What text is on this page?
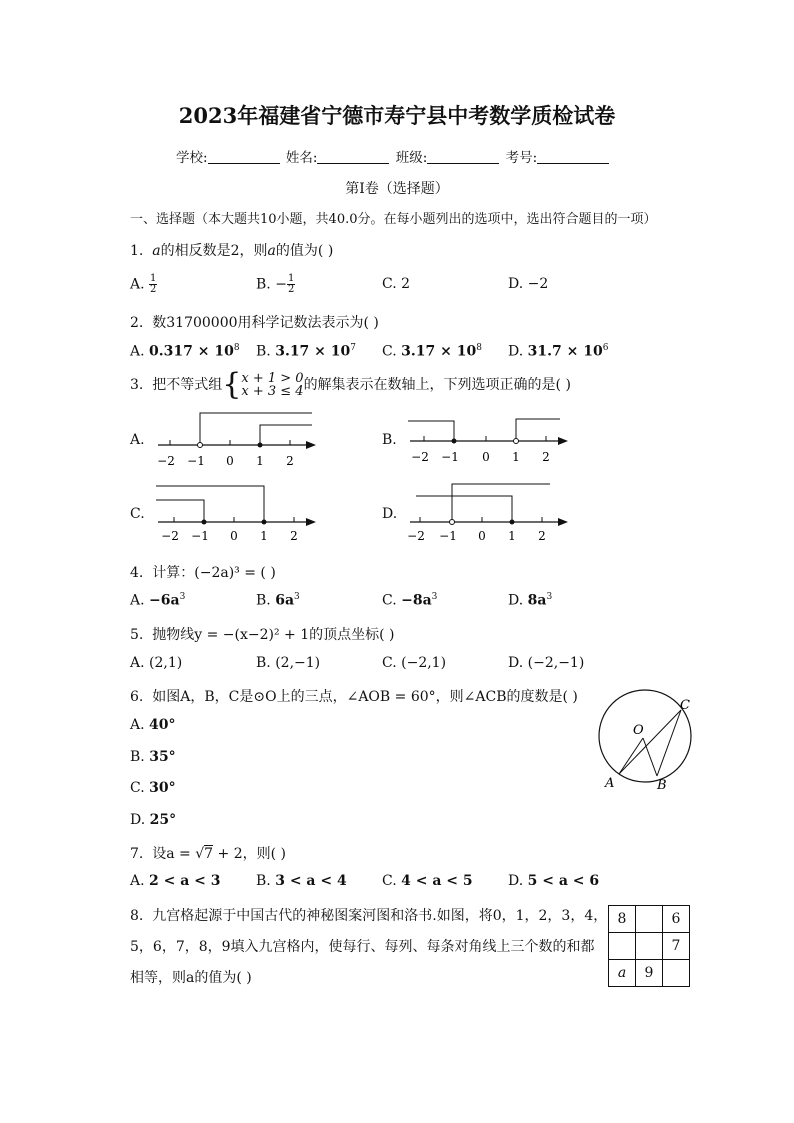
2023年福建省宁德市寿宁县中考数学质检试卷
学校:	姓名:	班级:	考号:
第I卷（选择题）
一、选择题（本大题共10小题，共40.0分。在每小题列出的选项中，选出符合题目的一项）
1. a的相反数是2，则a的值为( )
A. $\frac{1}{2}$	B. − $\frac{1}{2}$	C. 2	D. −2
2. 数31700000用科学记数法表示为( )
A. $0.317 \times 10^8$ B. $3.17 \times 10^7$ C. $3.17 \times 10^8$ D. $31.7 \times 10^6$
3. 把不等式组{x + 1 > 0
x + 3 ≤ 4的解集表示在数轴上，下列选项正确的是( )
A.	B.
C.	D.
−2 −1 0 1 2	−2 −1 0 1 2
−2 −1 0 1 2	−2 −1 0 1 2
4. 计算：(−2a)³ = ( )
A. $-6a^3$	B. $6a^3$	C. $-8a^3$	D. $8a^3$
5. 抛物线y = −(x−2)² + 1的顶点坐标( )
A. (2,1)	B. (2,−1)	C. (−2,1)	D. (−2,−1)
6. 如图A，B，C是⊙O上的三点，∠AOB = 60°，则∠ACB的度数是( )
A. 40°
B. 35°
C. 30°
D. 25°
O
A	B
C
7. 设a = √7 + 2，则( )
A. 2 < a < 3	B. 3 < a < 4	C. 4 < a < 5	D. 5 < a < 6
8. 九宫格起源于中国古代的神秘图案河图和洛书.如图，将0，1，2，3，4，
5，6，7，8，9填入九宫格内，使每行、每列、每条对角线上三个数的和都
相等，则a的值为( )
8		6
		7
a	9	
